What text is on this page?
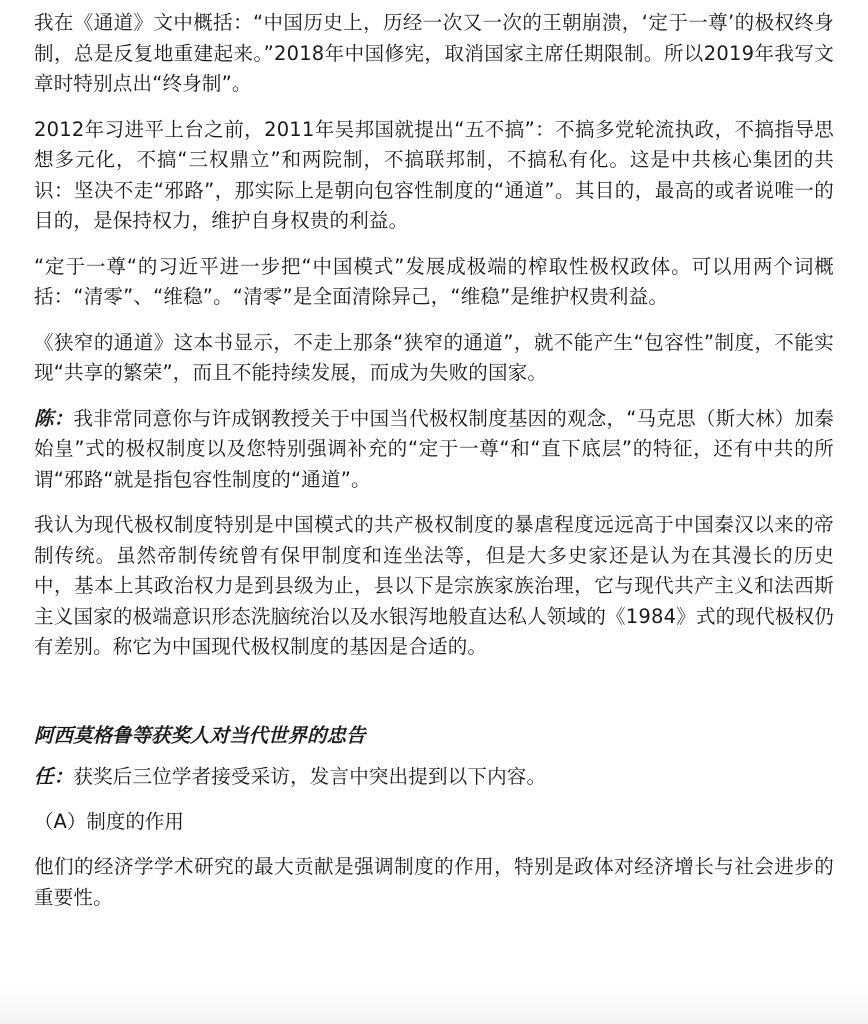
我在《通道》文中概括：“中国历史上，历经一次又一次的王朝崩溃，‘定于一尊’的极权终身制，总是反复地重建起来。”2018年中国修宪，取消国家主席任期限制。所以2019年我写文章时特别点出“终身制”。

2012年习进平上台之前，2011年吴邦国就提出“五不搞”：不搞多党轮流执政，不搞指导思想多元化，不搞“三权鼎立”和两院制，不搞联邦制，不搞私有化。这是中共核心集团的共识：坚决不走“邪路”，那实际上是朝向包容性制度的“通道”。其目的，最高的或者说唯一的目的，是保持权力，维护自身权贵的利益。

“定于一尊“的习近平进一步把“中国模式”发展成极端的榨取性极权政体。可以用两个词概括：“清零”、“维稳”。“清零”是全面清除异己，“维稳”是维护权贵利益。

《狭窄的通道》这本书显示，不走上那条“狭窄的通道”，就不能产生“包容性”制度，不能实现“共享的繁荣”，而且不能持续发展，而成为失败的国家。

陈：我非常同意你与许成钢教授关于中国当代极权制度基因的观念，“马克思（斯大林）加秦始皇”式的极权制度以及您特别强调补充的“定于一尊“和“直下底层”的特征，还有中共的所谓“邪路“就是指包容性制度的“通道”。

我认为现代极权制度特别是中国模式的共产极权制度的暴虐程度远远高于中国秦汉以来的帝制传统。虽然帝制传统曾有保甲制度和连坐法等，但是大多史家还是认为在其漫长的历史中，基本上其政治权力是到县级为止，县以下是宗族家族治理，它与现代共产主义和法西斯主义国家的极端意识形态洗脑统治以及水银泻地般直达私人领域的《1984》式的现代极权仍有差别。称它为中国现代极权制度的基因是合适的。

阿西莫格鲁等获奖人对当代世界的忠告

任：获奖后三位学者接受采访，发言中突出提到以下内容。

（A）制度的作用

他们的经济学学术研究的最大贡献是强调制度的作用，特别是政体对经济增长与社会进步的重要性。
